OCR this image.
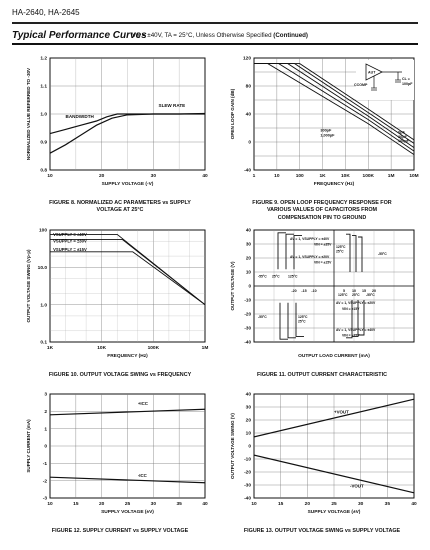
HA-2640, HA-2645
Typical Performance Curves
VS = ±40V, TA = 25°C, Unless Otherwise Specified (Continued)
10	20	30	40
0.8
0.9
1.0
1.1
1.2
SUPPLY VOLTAGE (-V)
NORMALIZED VALUE REFERRED TO -30V	BANDWIDTH
SLEW RATE
FIGURE 8. NORMALIZED AC PARAMETERS vs SUPPLY
VOLTAGE AT 25°C
1	10	100	1K	10K	100K	1M	10M
-40
0
40
80
120
FREQUENCY (Hz)
OPEN LOOP GAIN (dB)
AUT
CCOMP
CL =
100pF
0pF
30pF
100pF
300pF
1,000pF
FIGURE 9. OPEN LOOP FREQUENCY RESPONSE FOR
VARIOUS VALUES OF CAPACITORS FROM
COMPENSATION PIN TO GROUND
1K	10K	100K	1M
0.1
1.0
10.0
100
FREQUENCY (Hz)
OUTPUT VOLTAGE SWING (Vp-p)
VSUPPLY = ±40V
VSUPPLY = ±30V
VSUPPLY = ±15V
FIGURE 10. OUTPUT VOLTAGE SWING vs FREQUENCY
-40
-30
-20
-10
0
10
20
30
40
-20 -15 -10	5 10 15 20
OUTPUT LOAD CURRENT (mA)
OUTPUT VOLTAGE (V)
AV = 1, VSUPPLY = ±40V
VIN = ±35V
AV = 1, VSUPPLY = ±20V
VIN = ±15V
AV = 1, VSUPPLY = ±20V
VIN = ±15V
AV = 1, VSUPPLY = ±40V
VIN = ±35V
-55°C 25°C 125°C
125°C
25°C
-55°C
-55°C	125°C
25°C
125°C 25°C -55°C
FIGURE 11. OUTPUT CURRENT CHARACTERISTIC
10	15	20	25	30	35	40
-3
-2
-1
0
1
2
3
SUPPLY VOLTAGE (±V)
SUPPLY CURRENT (mA)
+ICC
-ICC
FIGURE 12. SUPPLY CURRENT vs SUPPLY VOLTAGE
10	15	20	25	30	35	40
-40
-30
-20
-10
0
10
20
30
40
SUPPLY VOLTAGE (±V)
OUTPUT VOLTAGE SWING (V)
+VOUT
-VOUT
FIGURE 13. OUTPUT VOLTAGE SWING vs SUPPLY VOLTAGE
